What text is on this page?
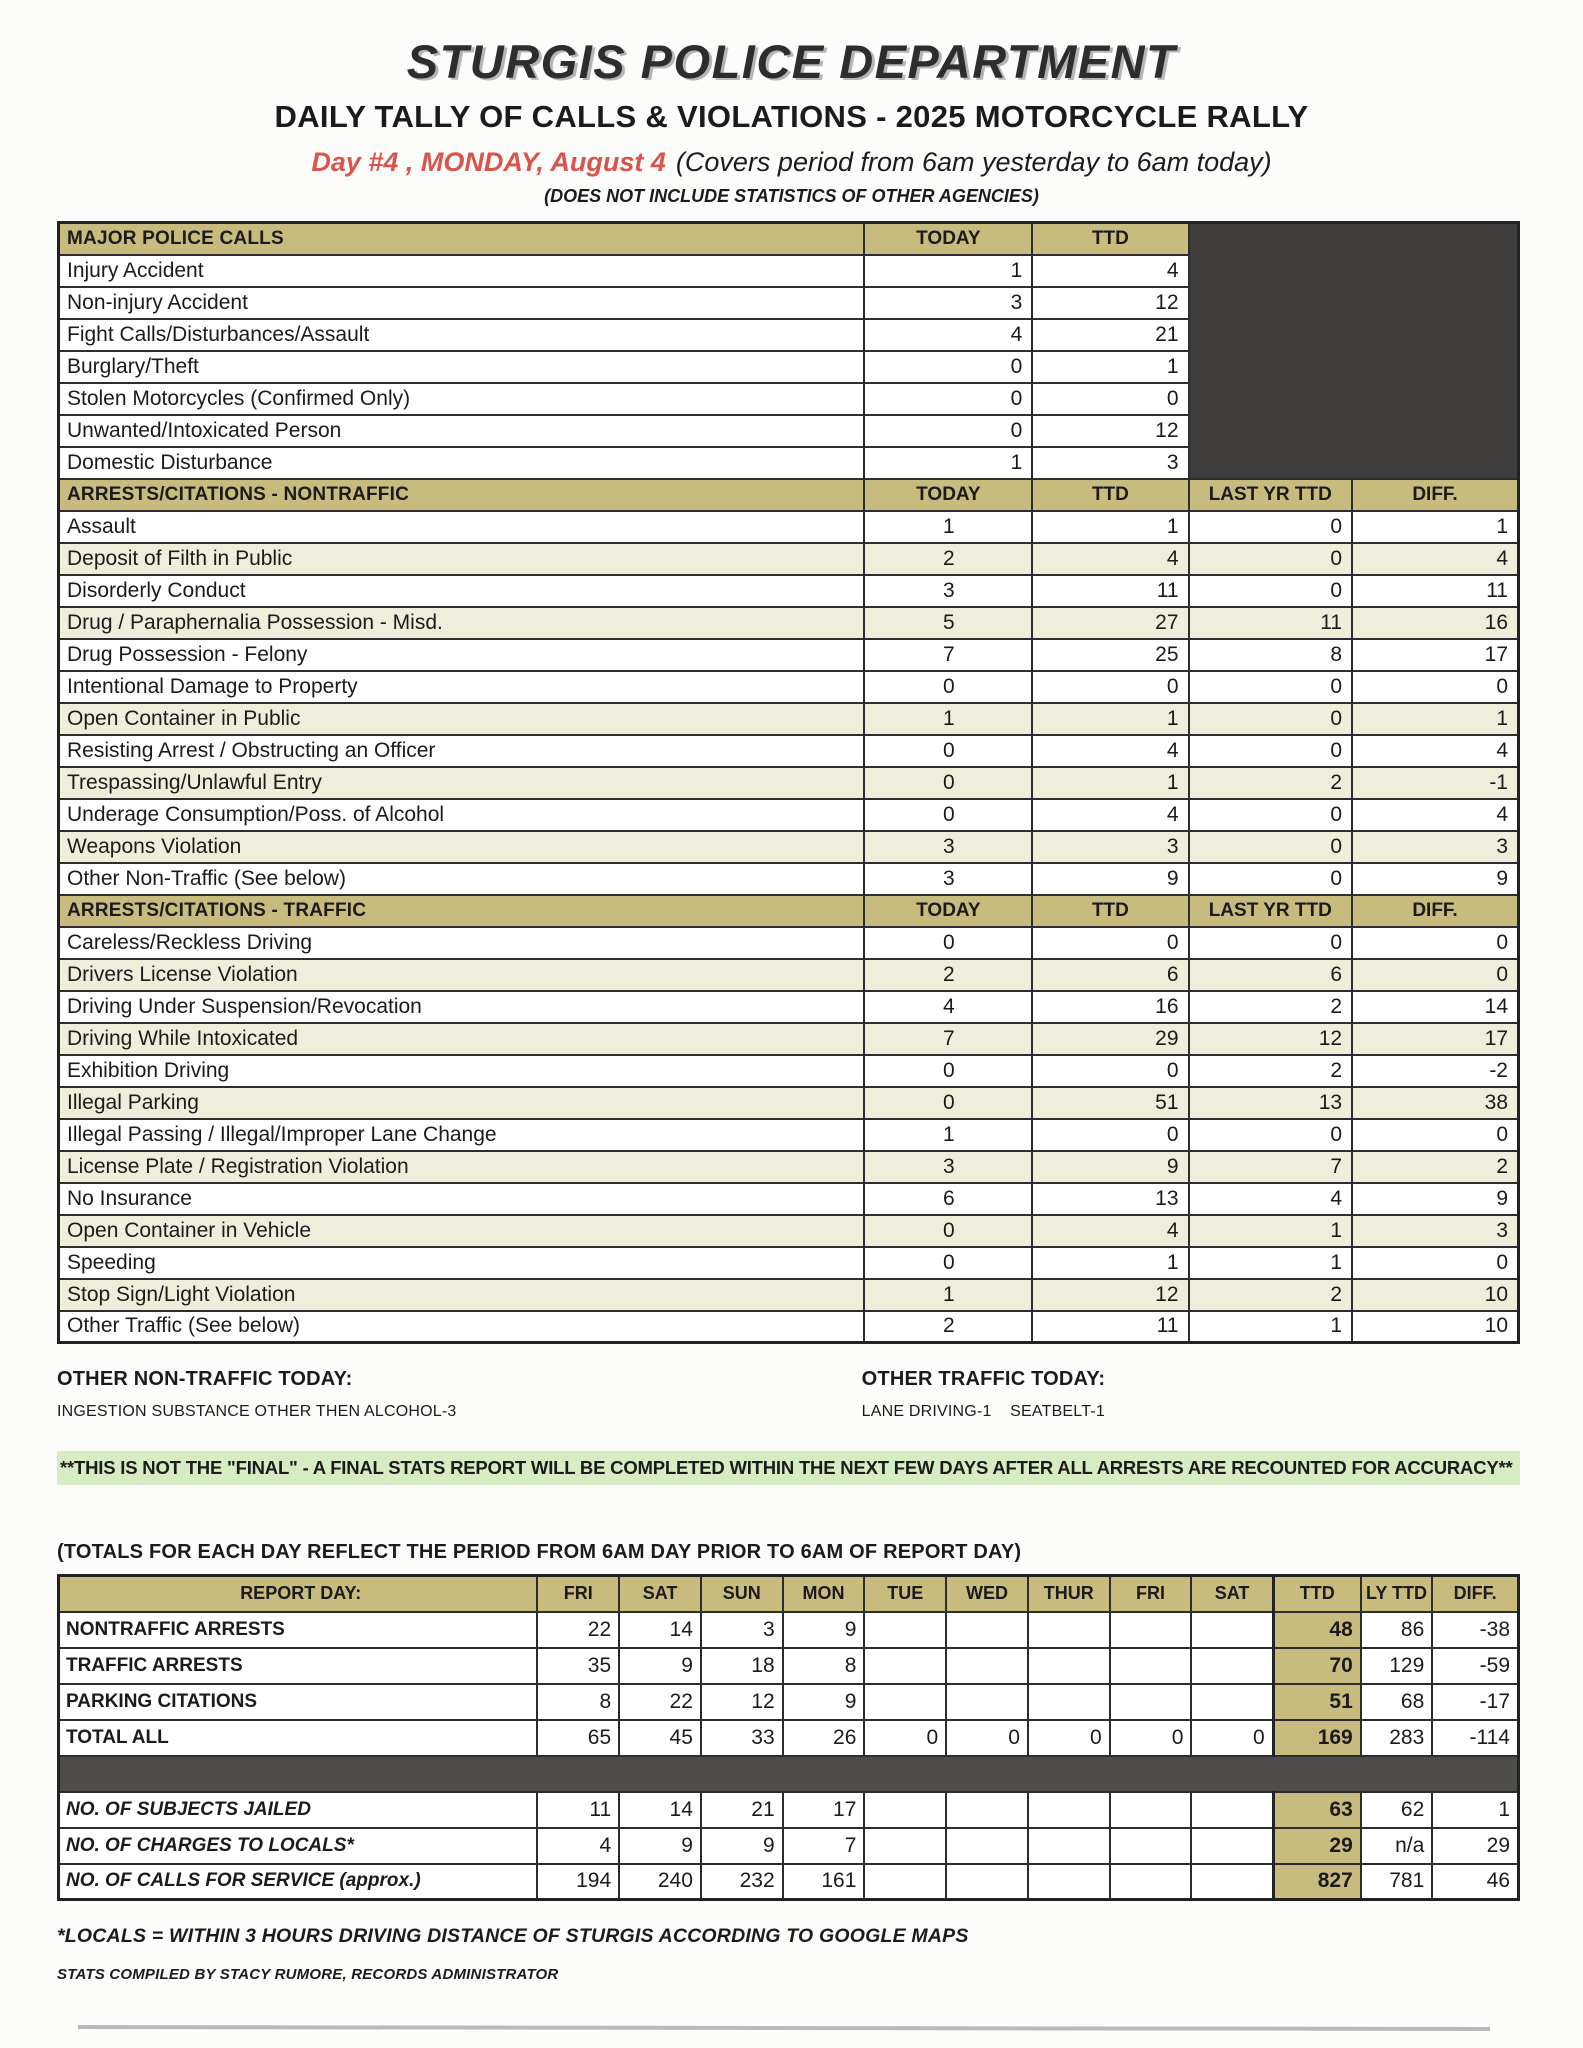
STURGIS POLICE DEPARTMENT
DAILY TALLY OF CALLS & VIOLATIONS - 2025 MOTORCYCLE RALLY
Day #4 , MONDAY, August 4 (Covers period from 6am yesterday to 6am today)
(DOES NOT INCLUDE STATISTICS OF OTHER AGENCIES)
MAJOR POLICE CALLS	TODAY	TTD		
Injury Accident	1	4		
Non-injury Accident	3	12		
Fight Calls/Disturbances/Assault	4	21		
Burglary/Theft	0	1		
Stolen Motorcycles (Confirmed Only)	0	0		
Unwanted/Intoxicated Person	0	12		
Domestic Disturbance	1	3		
ARRESTS/CITATIONS - NONTRAFFIC	TODAY	TTD	LAST YR TTD	DIFF.
Assault	1	1	0	1
Deposit of Filth in Public	2	4	0	4
Disorderly Conduct	3	11	0	11
Drug / Paraphernalia Possession - Misd.	5	27	11	16
Drug Possession - Felony	7	25	8	17
Intentional Damage to Property	0	0	0	0
Open Container in Public	1	1	0	1
Resisting Arrest / Obstructing an Officer	0	4	0	4
Trespassing/Unlawful Entry	0	1	2	-1
Underage Consumption/Poss. of Alcohol	0	4	0	4
Weapons Violation	3	3	0	3
Other Non-Traffic (See below)	3	9	0	9
ARRESTS/CITATIONS - TRAFFIC	TODAY	TTD	LAST YR TTD	DIFF.
Careless/Reckless Driving	0	0	0	0
Drivers License Violation	2	6	6	0
Driving Under Suspension/Revocation	4	16	2	14
Driving While Intoxicated	7	29	12	17
Exhibition Driving	0	0	2	-2
Illegal Parking	0	51	13	38
Illegal Passing / Illegal/Improper Lane Change	1	0	0	0
License Plate / Registration Violation	3	9	7	2
No Insurance	6	13	4	9
Open Container in Vehicle	0	4	1	3
Speeding	0	1	1	0
Stop Sign/Light Violation	1	12	2	10
Other Traffic (See below)	2	11	1	10
OTHER NON-TRAFFIC TODAY:
INGESTION SUBSTANCE OTHER THEN ALCOHOL-3
OTHER TRAFFIC TODAY:
LANE DRIVING-1    SEATBELT-1
**THIS IS NOT THE "FINAL" - A FINAL STATS REPORT WILL BE COMPLETED WITHIN THE NEXT FEW DAYS AFTER ALL ARRESTS ARE RECOUNTED FOR ACCURACY**
(TOTALS FOR EACH DAY REFLECT THE PERIOD FROM 6AM DAY PRIOR TO 6AM OF REPORT DAY)
REPORT DAY:	FRI	SAT	SUN	MON	TUE	WED	THUR	FRI	SAT	TTD	LY TTD	DIFF.
NONTRAFFIC ARRESTS	22	14	3	9						48	86	-38
TRAFFIC ARRESTS	35	9	18	8						70	129	-59
PARKING CITATIONS	8	22	12	9						51	68	-17
TOTAL ALL	65	45	33	26	0	0	0	0	0	169	283	-114

NO. OF SUBJECTS JAILED	11	14	21	17						63	62	1
NO. OF CHARGES TO LOCALS*	4	9	9	7						29	n/a	29
NO. OF CALLS FOR SERVICE (approx.)	194	240	232	161						827	781	46
*LOCALS = WITHIN 3 HOURS DRIVING DISTANCE OF STURGIS ACCORDING TO GOOGLE MAPS
STATS COMPILED BY STACY RUMORE, RECORDS ADMINISTRATOR
